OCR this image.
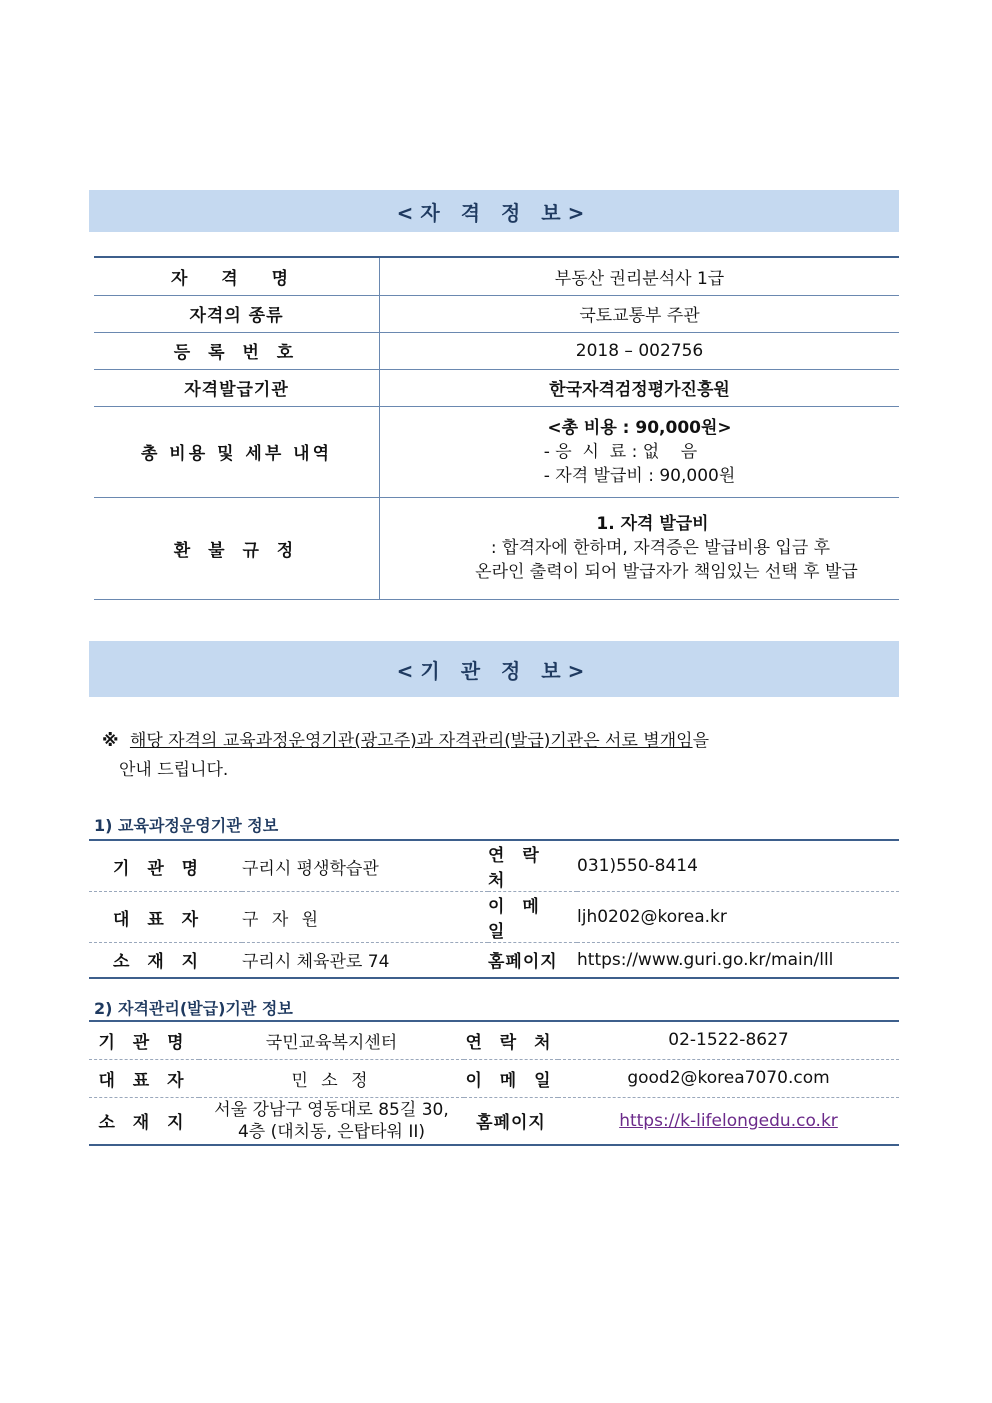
<자 격 정 보>
자 격 명	부동산 권리분석사 1급
자격의 종류	국토교통부 주관
등 록 번 호	2018 – 002756
자격발급기관	한국자격검정평가진흥원
총 비용 및 세부 내역	<총 비용 : 90,000원>
- 응  시  료 : 없    음
- 자격 발급비 : 90,000원

환 불 규 정	1. 자격 발급비
: 합격자에 한하며, 자격증은 발급비용 입금 후
온라인 출력이 되어 발급자가 책임있는 선택 후 발급
<기 관 정 보>
※ 해당 자격의 교육과정운영기관(광고주)과 자격관리(발급)기관은 서로 별개임을
안내 드립니다.
1) 교육과정운영기관 정보
기 관 명	구리시 평생학습관	연 락 처	031)550-8414
대 표 자	구 자 원	이 메 일	ljh0202@korea.kr
소 재 지	구리시 체육관로 74	홈페이지	https://www.guri.go.kr/main/lll
2) 자격관리(발급)기관 정보
기 관 명	국민교육복지센터	연 락 처	02-1522-8627
대 표 자	민 소 정	이 메 일	good2@korea7070.com
소 재 지	서울 강남구 영동대로 85길 30,
4층 (대치동, 은탑타워 II)	홈페이지	https://k-lifelongedu.co.kr
